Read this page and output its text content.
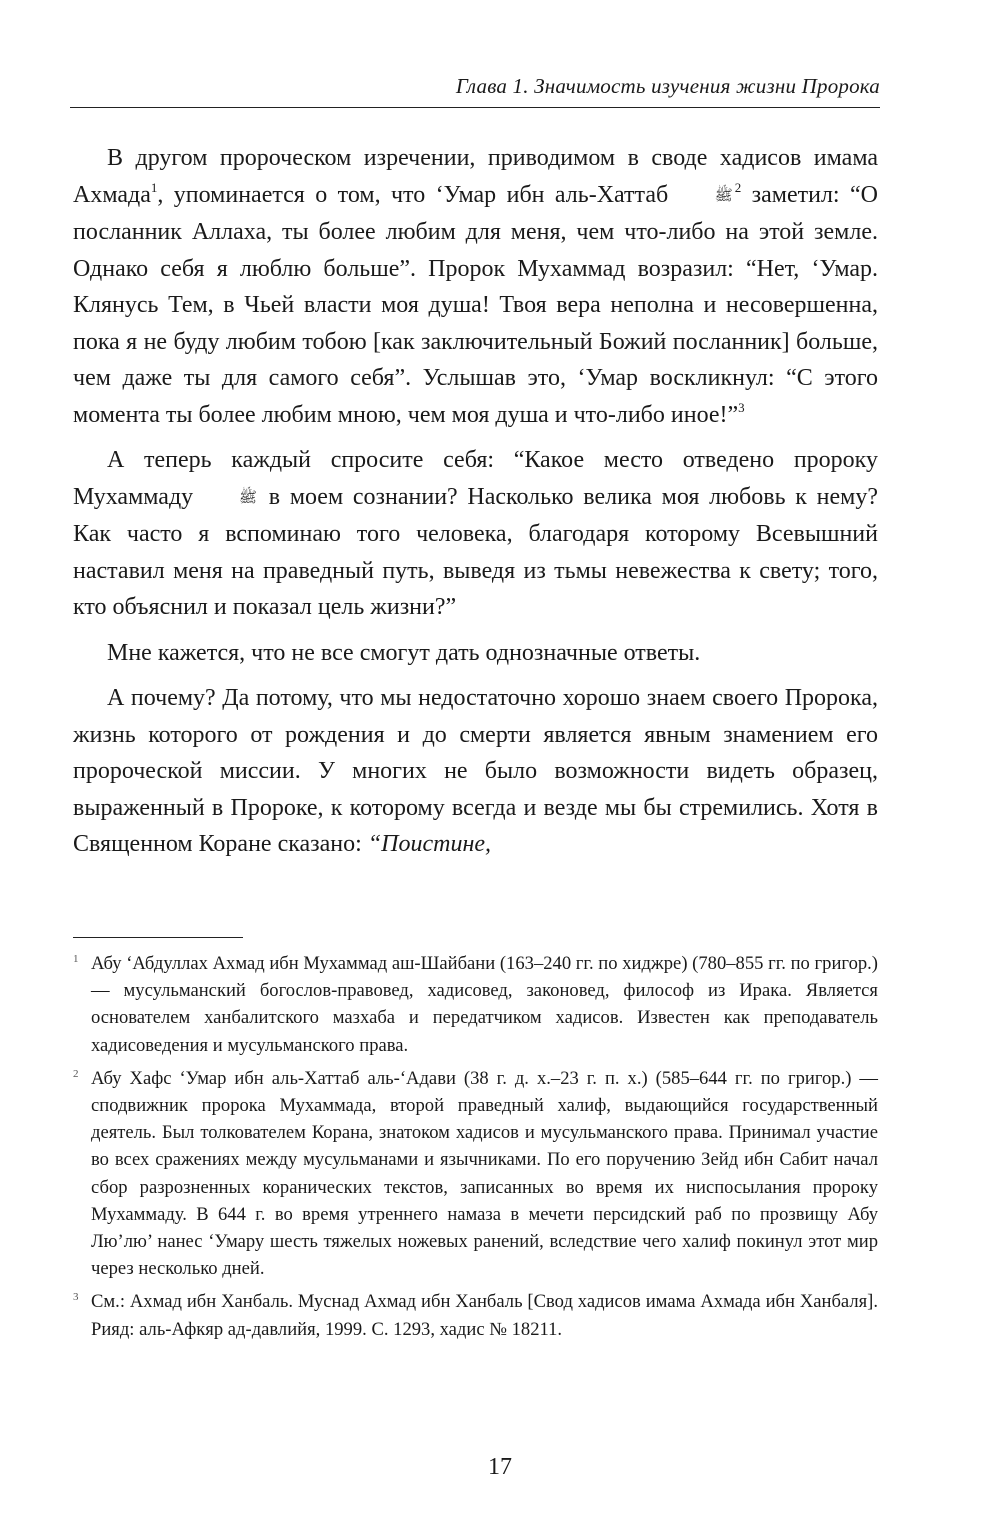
Глава 1. Значимость изучения жизни Пророка

В другом пророческом изречении, приводимом в своде хадисов имама Ахмада$^1$, упоминается о том, что ‘Умар ибн аль-Хаттаб ﷺ$^2$ заметил: “О посланник Аллаха, ты более любим для меня, чем что-либо на этой земле. Однако себя я люблю больше”. Пророк Мухаммад возразил: “Нет, ‘Умар. Клянусь Тем, в Чьей власти моя душа! Твоя вера неполна и несовершенна, пока я не буду любим тобою [как заключительный Божий посланник] больше, чем даже ты для самого себя”. Услышав это, ‘Умар воскликнул: “С этого момента ты более любим мною, чем моя душа и что-либо иное!”$^3$

А теперь каждый спросите себя: “Какое место отведено пророку Мухаммаду ﷺ в моем сознании? Насколько велика моя любовь к нему? Как часто я вспоминаю того человека, благодаря которому Всевышний наставил меня на праведный путь, выведя из тьмы невежества к свету; того, кто объяснил и показал цель жизни?”

Мне кажется, что не все смогут дать однозначные ответы.

А почему? Да потому, что мы недостаточно хорошо знаем своего Пророка, жизнь которого от рождения и до смерти является явным знамением его пророческой миссии. У многих не было возможности видеть образец, выраженный в Пророке, к которому всегда и везде мы бы стремились. Хотя в Священном Коране сказано: “Поистине,

1 Абу ‘Абдуллах Ахмад ибн Мухаммад аш-Шайбани (163–240 гг. по хиджре) (780–855 гг. по григор.) — мусульманский богослов-правовед, хадисовед, законовед, философ из Ирака. Является основателем ханбалитского мазхаба и передатчиком хадисов. Известен как преподаватель хадисоведения и мусульманского права.
2 Абу Хафс ‘Умар ибн аль-Хаттаб аль-‘Адави (38 г. д. х.–23 г. п. х.) (585–644 гг. по григор.) — сподвижник пророка Мухаммада, второй праведный халиф, выдающийся государственный деятель. Был толкователем Корана, знатоком хадисов и мусульманского права. Принимал участие во всех сражениях между мусульманами и язычниками. По его поручению Зейд ибн Сабит начал сбор разрозненных коранических текстов, записанных во время их ниспосылания пророку Мухаммаду. В 644 г. во время утреннего намаза в мечети персидский раб по прозвищу Абу Лю’лю’ нанес ‘Умару шесть тяжелых ножевых ранений, вследствие чего халиф покинул этот мир через несколько дней.
3 См.: Ахмад ибн Ханбаль. Муснад Ахмад ибн Ханбаль [Свод хадисов имама Ахмада ибн Ханбаля]. Рияд: аль-Афкяр ад-давлийя, 1999. С. 1293, хадис № 18211.
17
